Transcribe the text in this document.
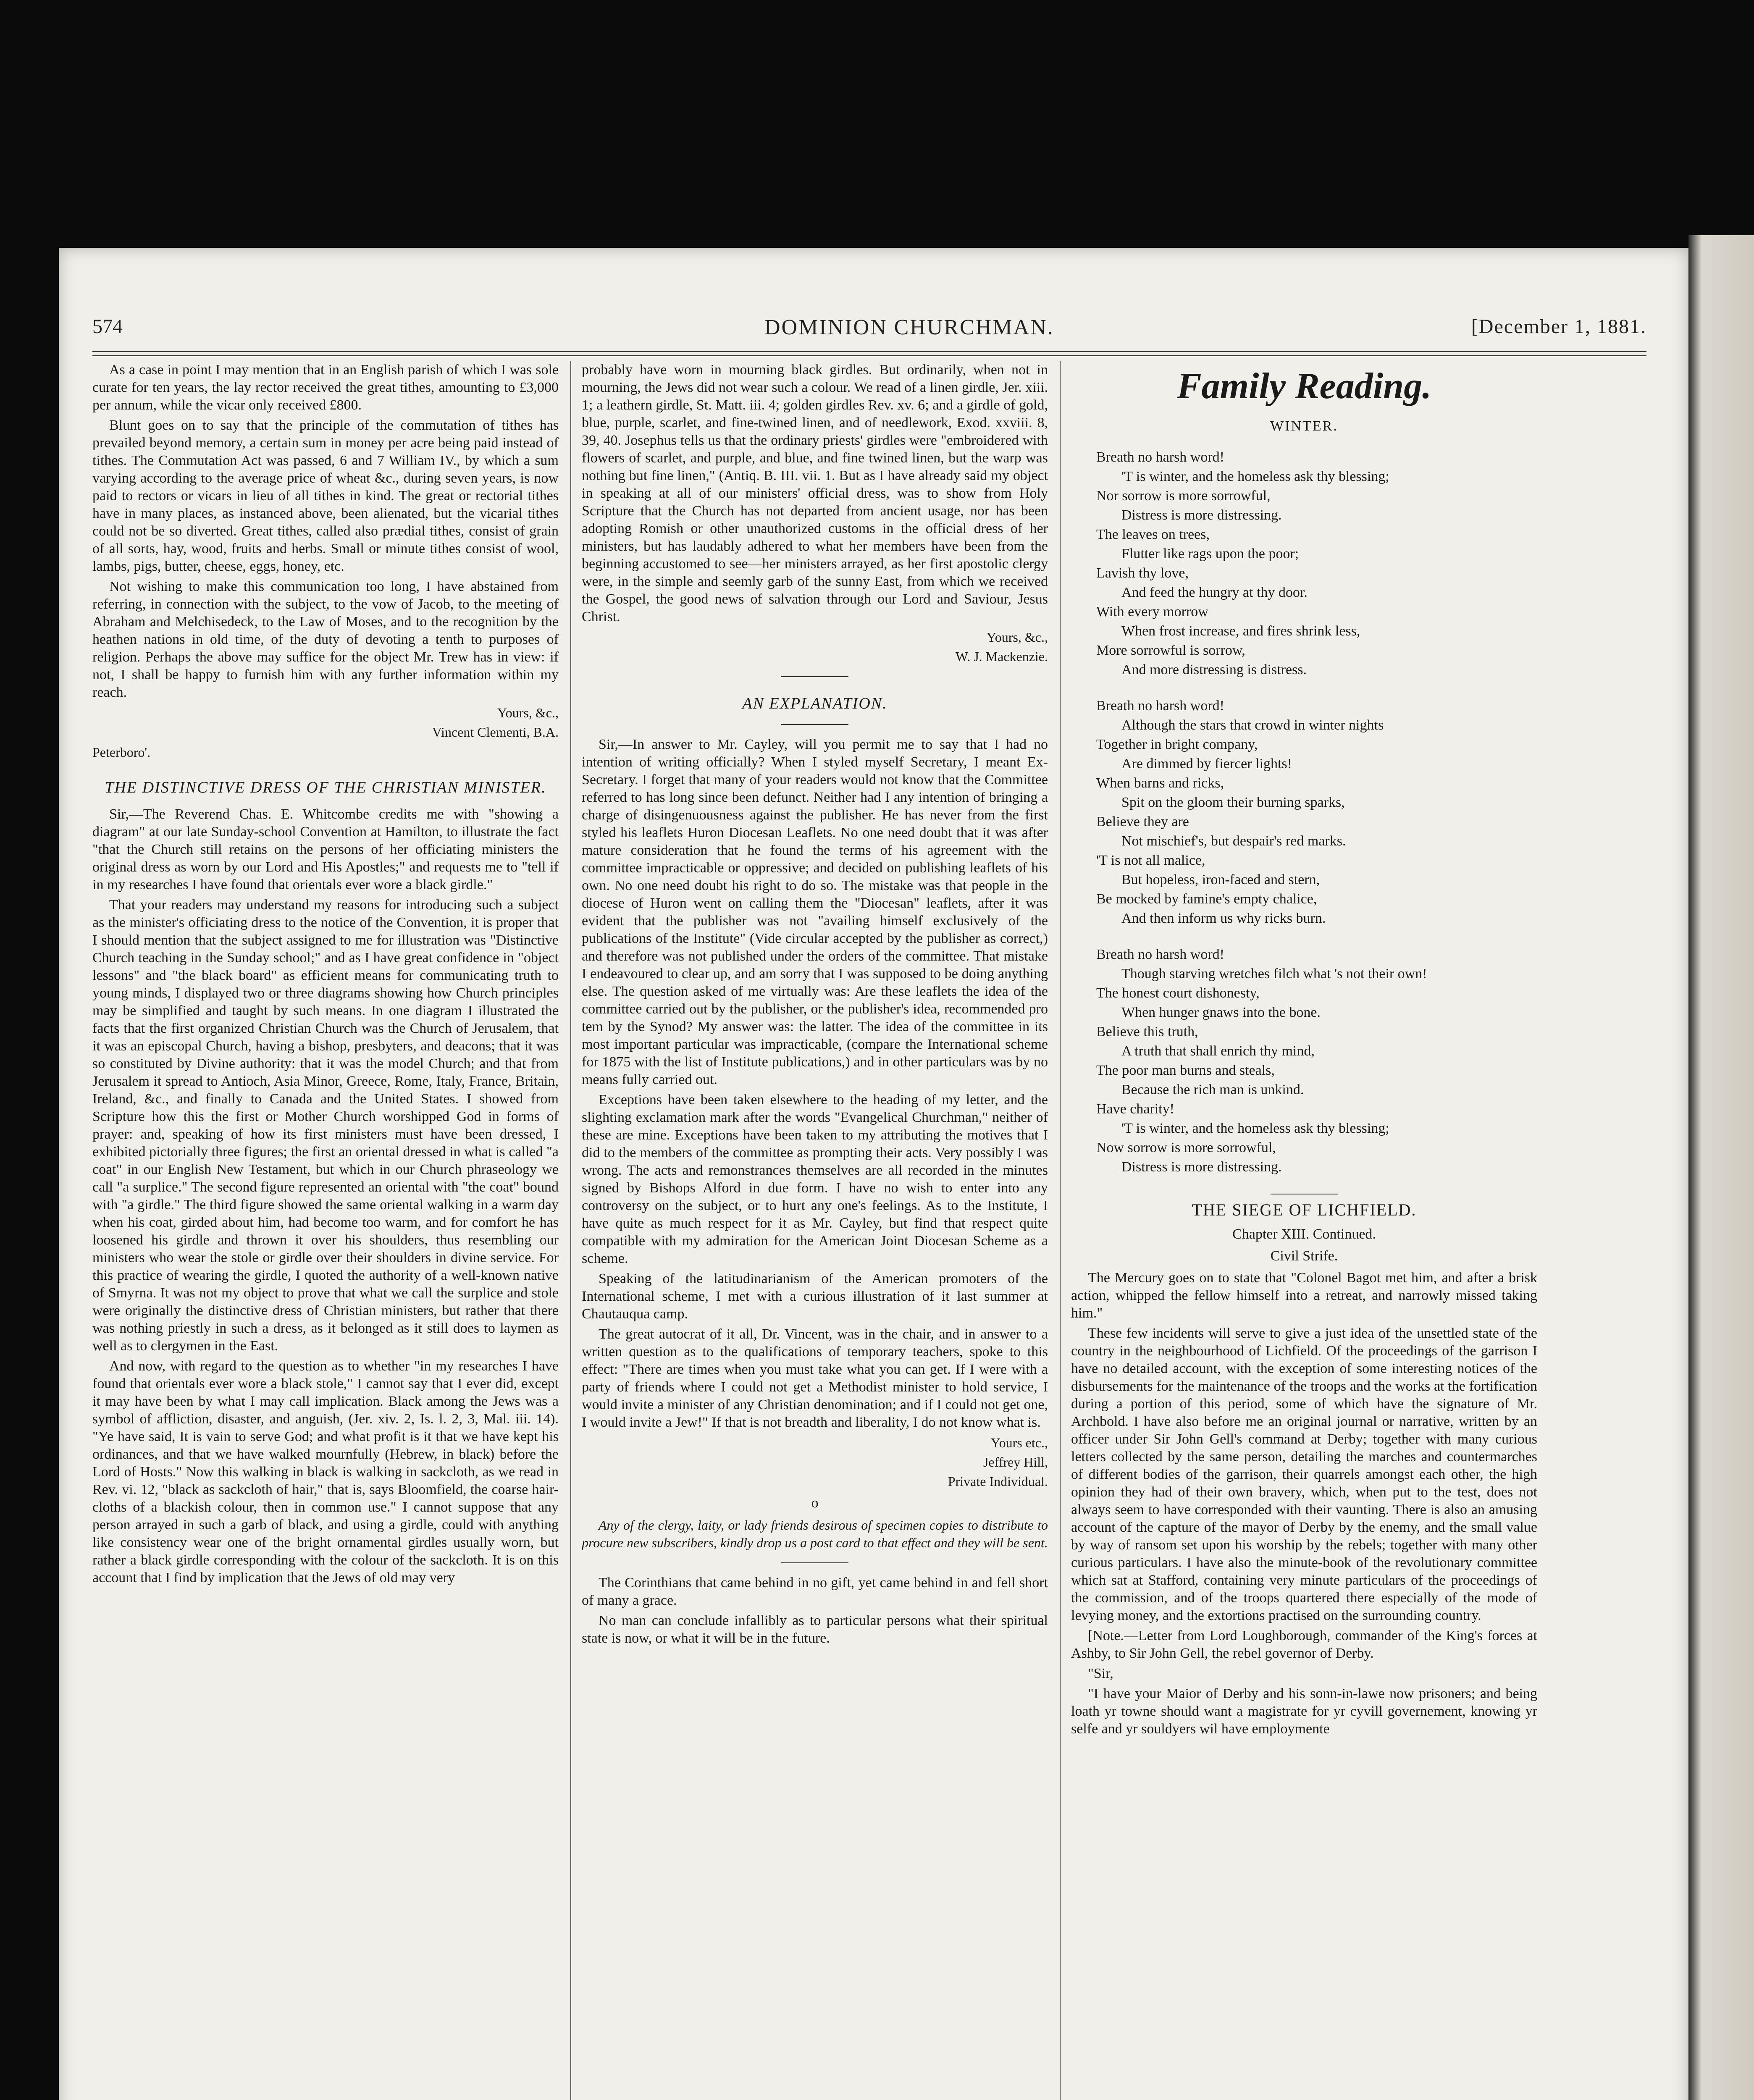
574	DOMINION CHURCHMAN.	[December 1, 1881.

As a case in point I may mention that in an English parish of which I was sole curate for ten years, the lay rector received the great tithes, amounting to £3,000 per annum, while the vicar only received £800.

Blunt goes on to say that the principle of the commutation of tithes has prevailed beyond memory, a certain sum in money per acre being paid instead of tithes. The Commutation Act was passed, 6 and 7 William IV., by which a sum varying according to the average price of wheat &c., during seven years, is now paid to rectors or vicars in lieu of all tithes in kind. The great or rectorial tithes have in many places, as instanced above, been alienated, but the vicarial tithes could not be so diverted. Great tithes, called also prædial tithes, consist of grain of all sorts, hay, wood, fruits and herbs. Small or minute tithes consist of wool, lambs, pigs, butter, cheese, eggs, honey, etc.

Not wishing to make this communication too long, I have abstained from referring, in connection with the subject, to the vow of Jacob, to the meeting of Abraham and Melchisedeck, to the Law of Moses, and to the recognition by the heathen nations in old time, of the duty of devoting a tenth to purposes of religion. Perhaps the above may suffice for the object Mr. Trew has in view: if not, I shall be happy to furnish him with any further information within my reach.

Yours, &c.,
Vincent Clementi, B.A.
Peterboro'.
THE DISTINCTIVE DRESS OF THE CHRISTIAN MINISTER.

Sir,—The Reverend Chas. E. Whitcombe credits me with "showing a diagram" at our late Sunday-school Convention at Hamilton, to illustrate the fact "that the Church still retains on the persons of her officiating ministers the original dress as worn by our Lord and His Apostles;" and requests me to "tell if in my researches I have found that orientals ever wore a black girdle."

That your readers may understand my reasons for introducing such a subject as the minister's officiating dress to the notice of the Convention, it is proper that I should mention that the subject assigned to me for illustration was "Distinctive Church teaching in the Sunday school;" and as I have great confidence in "object lessons" and "the black board" as efficient means for communicating truth to young minds, I displayed two or three diagrams showing how Church principles may be simplified and taught by such means. In one diagram I illustrated the facts that the first organized Christian Church was the Church of Jerusalem, that it was an episcopal Church, having a bishop, presbyters, and deacons; that it was so constituted by Divine authority: that it was the model Church; and that from Jerusalem it spread to Antioch, Asia Minor, Greece, Rome, Italy, France, Britain, Ireland, &c., and finally to Canada and the United States. I showed from Scripture how this the first or Mother Church worshipped God in forms of prayer: and, speaking of how its first ministers must have been dressed, I exhibited pictorially three figures; the first an oriental dressed in what is called "a coat" in our English New Testament, but which in our Church phraseology we call "a surplice." The second figure represented an oriental with "the coat" bound with "a girdle." The third figure showed the same oriental walking in a warm day when his coat, girded about him, had become too warm, and for comfort he has loosened his girdle and thrown it over his shoulders, thus resembling our ministers who wear the stole or girdle over their shoulders in divine service. For this practice of wearing the girdle, I quoted the authority of a well-known native of Smyrna. It was not my object to prove that what we call the surplice and stole were originally the distinctive dress of Christian ministers, but rather that there was nothing priestly in such a dress, as it belonged as it still does to laymen as well as to clergymen in the East.

And now, with regard to the question as to whether "in my researches I have found that orientals ever wore a black stole," I cannot say that I ever did, except it may have been by what I may call implication. Black among the Jews was a symbol of affliction, disaster, and anguish, (Jer. xiv. 2, Is. l. 2, 3, Mal. iii. 14). "Ye have said, It is vain to serve God; and what profit is it that we have kept his ordinances, and that we have walked mournfully (Hebrew, in black) before the Lord of Hosts." Now this walking in black is walking in sackcloth, as we read in Rev. vi. 12, "black as sackcloth of hair," that is, says Bloomfield, the coarse hair-cloths of a blackish colour, then in common use." I cannot suppose that any person arrayed in such a garb of black, and using a girdle, could with anything like consistency wear one of the bright ornamental girdles usually worn, but rather a black girdle corresponding with the colour of the sackcloth. It is on this account that I find by implication that the Jews of old may very

probably have worn in mourning black girdles. But ordinarily, when not in mourning, the Jews did not wear such a colour. We read of a linen girdle, Jer. xiii. 1; a leathern girdle, St. Matt. iii. 4; golden girdles Rev. xv. 6; and a girdle of gold, blue, purple, scarlet, and fine-twined linen, and of needlework, Exod. xxviii. 8, 39, 40. Josephus tells us that the ordinary priests' girdles were "embroidered with flowers of scarlet, and purple, and blue, and fine twined linen, but the warp was nothing but fine linen," (Antiq. B. III. vii. 1. But as I have already said my object in speaking at all of our ministers' official dress, was to show from Holy Scripture that the Church has not departed from ancient usage, nor has been adopting Romish or other unauthorized customs in the official dress of her ministers, but has laudably adhered to what her members have been from the beginning accustomed to see—her ministers arrayed, as her first apostolic clergy were, in the simple and seemly garb of the sunny East, from which we received the Gospel, the good news of salvation through our Lord and Saviour, Jesus Christ.

Yours, &c.,
W. J. Mackenzie.
AN EXPLANATION.

Sir,—In answer to Mr. Cayley, will you permit me to say that I had no intention of writing officially? When I styled myself Secretary, I meant Ex-Secretary. I forget that many of your readers would not know that the Committee referred to has long since been defunct. Neither had I any intention of bringing a charge of disingenuousness against the publisher. He has never from the first styled his leaflets Huron Diocesan Leaflets. No one need doubt that it was after mature consideration that he found the terms of his agreement with the committee impracticable or oppressive; and decided on publishing leaflets of his own. No one need doubt his right to do so. The mistake was that people in the diocese of Huron went on calling them the "Diocesan" leaflets, after it was evident that the publisher was not "availing himself exclusively of the publications of the Institute" (Vide circular accepted by the publisher as correct,) and therefore was not published under the orders of the committee. That mistake I endeavoured to clear up, and am sorry that I was supposed to be doing anything else. The question asked of me virtually was: Are these leaflets the idea of the committee carried out by the publisher, or the publisher's idea, recommended pro tem by the Synod? My answer was: the latter. The idea of the committee in its most important particular was impracticable, (compare the International scheme for 1875 with the list of Institute publications,) and in other particulars was by no means fully carried out.

Exceptions have been taken elsewhere to the heading of my letter, and the slighting exclamation mark after the words "Evangelical Churchman," neither of these are mine. Exceptions have been taken to my attributing the motives that I did to the members of the committee as prompting their acts. Very possibly I was wrong. The acts and remonstrances themselves are all recorded in the minutes signed by Bishops Alford in due form. I have no wish to enter into any controversy on the subject, or to hurt any one's feelings. As to the Institute, I have quite as much respect for it as Mr. Cayley, but find that respect quite compatible with my admiration for the American Joint Diocesan Scheme as a scheme.

Speaking of the latitudinarianism of the American promoters of the International scheme, I met with a curious illustration of it last summer at Chautauqua camp.

The great autocrat of it all, Dr. Vincent, was in the chair, and in answer to a written question as to the qualifications of temporary teachers, spoke to this effect: "There are times when you must take what you can get. If I were with a party of friends where I could not get a Methodist minister to hold service, I would invite a minister of any Christian denomination; and if I could not get one, I would invite a Jew!" If that is not breadth and liberality, I do not know what is.

Yours etc.,
Jeffrey Hill,
Private Individual.
o
Any of the clergy, laity, or lady friends desirous of specimen copies to distribute to procure new subscribers, kindly drop us a post card to that effect and they will be sent.

The Corinthians that came behind in no gift, yet came behind in and fell short of many a grace.

No man can conclude infallibly as to particular persons what their spiritual state is now, or what it will be in the future.

Family Reading.
WINTER.
Breath no harsh word!
'T is winter, and the homeless ask thy blessing;
Nor sorrow is more sorrowful,
Distress is more distressing.
The leaves on trees,
Flutter like rags upon the poor;
Lavish thy love,
And feed the hungry at thy door.
With every morrow
When frost increase, and fires shrink less,
More sorrowful is sorrow,
And more distressing is distress.
Breath no harsh word!
Although the stars that crowd in winter nights
Together in bright company,
Are dimmed by fiercer lights!
When barns and ricks,
Spit on the gloom their burning sparks,
Believe they are
Not mischief's, but despair's red marks.
'T is not all malice,
But hopeless, iron-faced and stern,
Be mocked by famine's empty chalice,
And then inform us why ricks burn.
Breath no harsh word!
Though starving wretches filch what 's not their own!
The honest court dishonesty,
When hunger gnaws into the bone.
Believe this truth,
A truth that shall enrich thy mind,
The poor man burns and steals,
Because the rich man is unkind.
Have charity!
'T is winter, and the homeless ask thy blessing;
Now sorrow is more sorrowful,
Distress is more distressing.
THE SIEGE OF LICHFIELD.
Chapter XIII. Continued.
Civil Strife.

The Mercury goes on to state that "Colonel Bagot met him, and after a brisk action, whipped the fellow himself into a retreat, and narrowly missed taking him."

These few incidents will serve to give a just idea of the unsettled state of the country in the neighbourhood of Lichfield. Of the proceedings of the garrison I have no detailed account, with the exception of some interesting notices of the disbursements for the maintenance of the troops and the works at the fortification during a portion of this period, some of which have the signature of Mr. Archbold. I have also before me an original journal or narrative, written by an officer under Sir John Gell's command at Derby; together with many curious letters collected by the same person, detailing the marches and countermarches of different bodies of the garrison, their quarrels amongst each other, the high opinion they had of their own bravery, which, when put to the test, does not always seem to have corresponded with their vaunting. There is also an amusing account of the capture of the mayor of Derby by the enemy, and the small value by way of ransom set upon his worship by the rebels; together with many other curious particulars. I have also the minute-book of the revolutionary committee which sat at Stafford, containing very minute particulars of the proceedings of the commission, and of the troops quartered there especially of the mode of levying money, and the extortions practised on the surrounding country.

[Note.—Letter from Lord Loughborough, commander of the King's forces at Ashby, to Sir John Gell, the rebel governor of Derby.

"Sir,

"I have your Maior of Derby and his sonn-in-lawe now prisoners; and being loath yr towne should want a magistrate for yr cyvill governement, knowing yr selfe and yr souldyers wil have employmente
